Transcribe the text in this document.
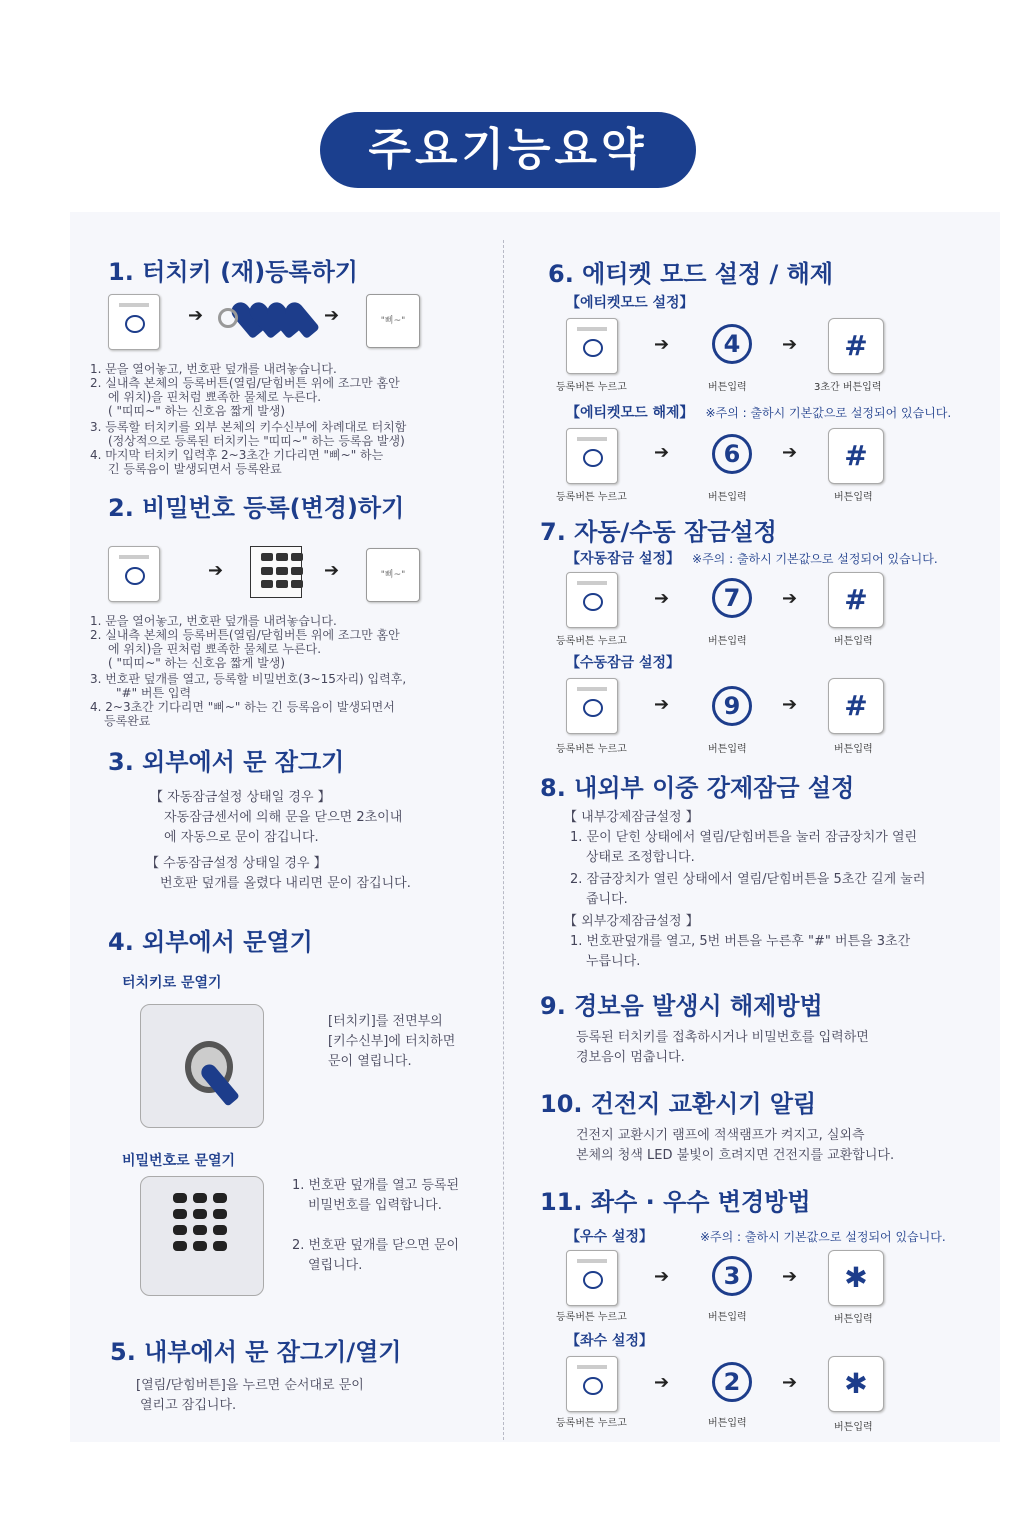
주요기능요약
1. 터치키 (재)등록하기
➔	➔	"삐~"
1. 문을 열어놓고, 번호판 덮개를 내려놓습니다.
2. 실내측 본체의 등록버튼(열림/닫힘버튼 위에 조그만 홈안
에 위치)을 핀처럼 뾰족한 물체로 누른다.
( "띠띠~" 하는 신호음 짧게 발생)
3. 등록할 터치키를 외부 본체의 키수신부에 차례대로 터치함
(정상적으로 등록된 터치키는 "띠띠~" 하는 등록음 발생)
4. 마지막 터치키 입력후 2~3초간 기다리면 "삐~" 하는
긴 등록음이 발생되면서 등록완료
2. 비밀번호 등록(변경)하기
➔	➔	"삐~"
1. 문을 열어놓고, 번호판 덮개를 내려놓습니다.
2. 실내측 본체의 등록버튼(열림/닫힘버튼 위에 조그만 홈안
에 위치)을 핀처럼 뾰족한 물체로 누른다.
( "띠띠~" 하는 신호음 짧게 발생)
3. 번호판 덮개를 열고, 등록할 비밀번호(3~15자리) 입력후,
"#" 버튼 입력
4. 2~3초간 기다리면 "삐~" 하는 긴 등록음이 발생되면서
등록완료
3. 외부에서 문 잠그기
【 자동잠금설정 상태일 경우 】
자동잠금센서에 의해 문을 닫으면 2초이내
에 자동으로 문이 잠깁니다.
【 수동잠금설정 상태일 경우 】
번호판 덮개를 올렸다 내리면 문이 잠깁니다.
4. 외부에서 문열기
터치키로 문열기
[터치키]를 전면부의
[키수신부]에 터치하면
문이 열립니다.
비밀번호로 문열기
1. 번호판 덮개를 열고 등록된
비밀번호를 입력합니다.
2. 번호판 덮개를 닫으면 문이
열립니다.
5. 내부에서 문 잠그기/열기
[열림/닫힘버튼]을 누르면 순서대로 문이
열리고 잠깁니다.
6. 에티켓 모드 설정 / 해제
【에티켓모드 설정】
➔	4	➔	#
등록버튼 누르고	버튼입력	3초간 버튼입력
【에티켓모드 해제】 ※주의 : 출하시 기본값으로 설정되어 있습니다.
➔	6	➔	#
등록버튼 누르고	버튼입력	버튼입력
7. 자동/수동 잠금설정
【자동잠금 설정】 ※주의 : 출하시 기본값으로 설정되어 있습니다.
➔	7	➔	#
등록버튼 누르고	버튼입력	버튼입력
【수동잠금 설정】
➔	9	➔	#
등록버튼 누르고	버튼입력	버튼입력
8. 내외부 이중 강제잠금 설정
【 내부강제잠금설정 】
1. 문이 닫힌 상태에서 열림/닫힘버튼을 눌러 잠금장치가 열린
상태로 조정합니다.
2. 잠금장치가 열린 상태에서 열림/닫힘버튼을 5초간 길게 눌러
줍니다.
【 외부강제잠금설정 】
1. 번호판덮개를 열고, 5번 버튼을 누른후 "#" 버튼을 3초간
누릅니다.
9. 경보음 발생시 해제방법
등록된 터치키를 접촉하시거나 비밀번호를 입력하면
경보음이 멈춥니다.
10. 건전지 교환시기 알림
건전지 교환시기 램프에 적색램프가 켜지고, 실외측
본체의 청색 LED 불빛이 흐려지면 건전지를 교환합니다.
11. 좌수 · 우수 변경방법
【우수 설정】	※주의 : 출하시 기본값으로 설정되어 있습니다.
➔	3	➔	✱
등록버튼 누르고	버튼입력	버튼입력
【좌수 설정】
➔	2	➔	✱
등록버튼 누르고	버튼입력	버튼입력
